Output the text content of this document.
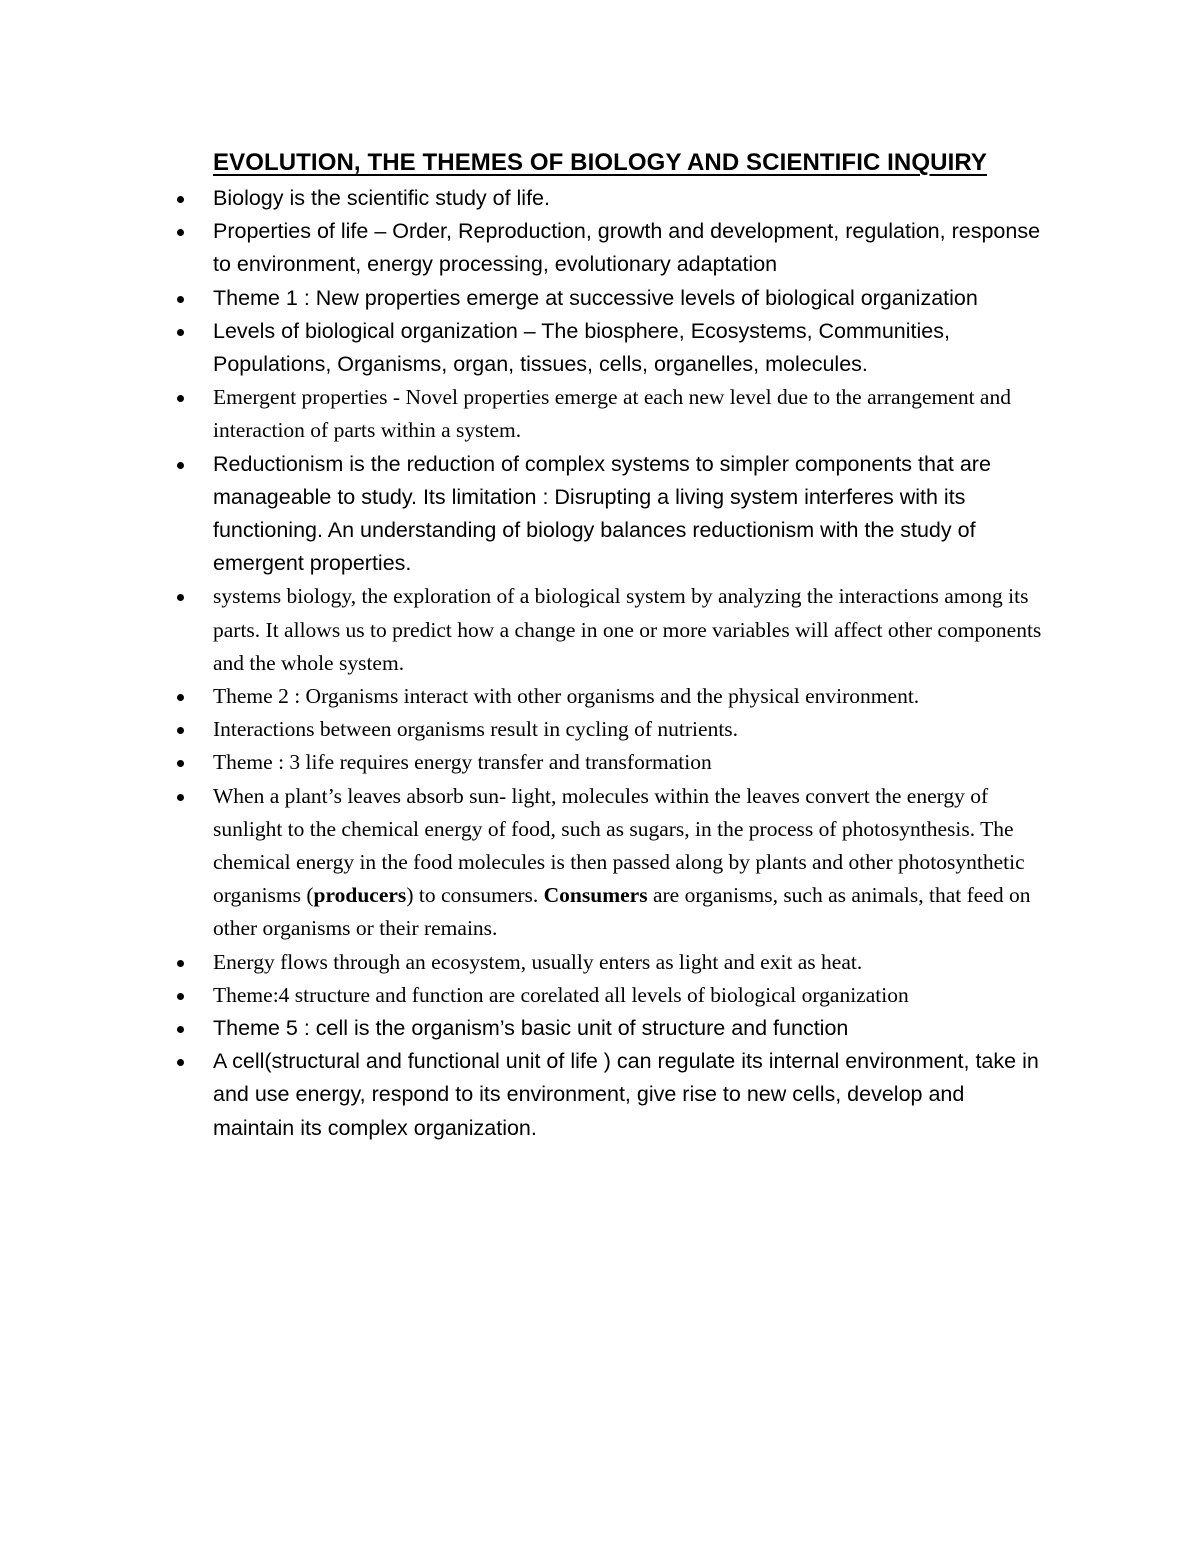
EVOLUTION, THE THEMES OF BIOLOGY AND SCIENTIFIC INQUIRY
Biology is the scientific study of life.
Properties of life – Order, Reproduction, growth and development, regulation, response to environment, energy processing, evolutionary adaptation
Theme 1 : New properties emerge at successive levels of biological organization
Levels of biological organization – The biosphere, Ecosystems, Communities, Populations, Organisms, organ, tissues, cells, organelles, molecules.
Emergent properties - Novel properties emerge at each new level due to the arrangement and interaction of parts within a system.
Reductionism is the reduction of complex systems to simpler components that are manageable to study. Its limitation : Disrupting a living system interferes with its functioning. An understanding of biology balances reductionism with the study of emergent properties.
systems biology, the exploration of a biological system by analyzing the interactions among its parts. It allows us to predict how a change in one or more variables will affect other components and the whole system.
Theme 2 : Organisms interact with other organisms and the physical environment.
Interactions between organisms result in cycling of nutrients.
Theme : 3 life requires energy transfer and transformation
When a plant’s leaves absorb sun- light, molecules within the leaves convert the energy of sunlight to the chemical energy of food, such as sugars, in the process of photosynthesis. The chemical energy in the food molecules is then passed along by plants and other photosynthetic organisms (producers) to consumers. Consumers are organisms, such as animals, that feed on other organisms or their remains.
Energy flows through an ecosystem, usually enters as light and exit as heat.
Theme:4 structure and function are corelated all levels of biological organization
Theme 5 : cell is the organism’s basic unit of structure and function
A cell(structural and functional unit of life ) can regulate its internal environment, take in and use energy, respond to its environment, give rise to new cells, develop and maintain its complex organization.
